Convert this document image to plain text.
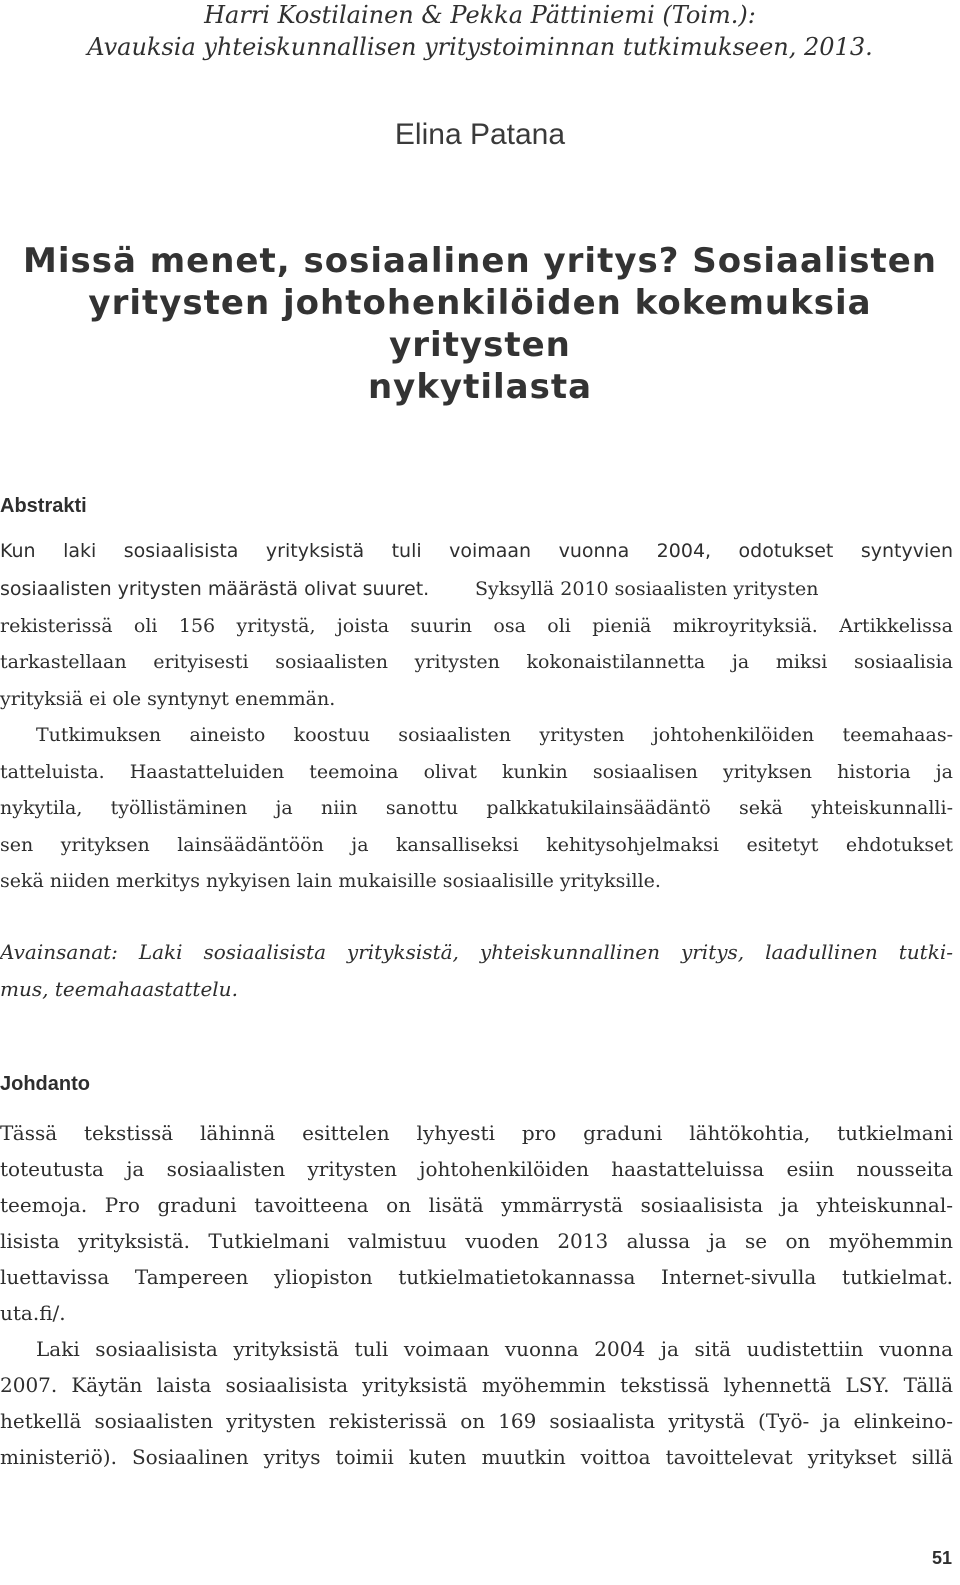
Harri Kostilainen & Pekka Pättiniemi (Toim.):
Avauksia yhteiskunnallisen yritystoiminnan tutkimukseen, 2013.
Elina Patana
Missä menet, sosiaalinen yritys? Sosiaalisten
yritysten johtohenkilöiden kokemuksia yritysten
nykytilasta
Abstrakti
Kun laki sosiaalisista yrityksistä tuli voimaan vuonna 2004, odotukset syntyvien
sosiaalisten yritysten määrästä olivat suuret. Syksyllä 2010 sosiaalisten yritysten
rekisterissä oli 156 yritystä, joista suurin osa oli pieniä mikroyrityksiä. Artikkelissa
tarkastellaan erityisesti sosiaalisten yritysten kokonaistilannetta ja miksi sosiaalisia
yrityksiä ei ole syntynyt enemmän.
Tutkimuksen aineisto koostuu sosiaalisten yritysten johtohenkilöiden teemahaas-
tatteluista. Haastatteluiden teemoina olivat kunkin sosiaalisen yrityksen historia ja
nykytila, työllistäminen ja niin sanottu palkkatukilainsäädäntö sekä yhteiskunnalli-
sen yrityksen lainsäädäntöön ja kansalliseksi kehitysohjelmaksi esitetyt ehdotukset
sekä niiden merkitys nykyisen lain mukaisille sosiaalisille yrityksille.
Avainsanat: Laki sosiaalisista yrityksistä, yhteiskunnallinen yritys, laadullinen tutki-
mus, teemahaastattelu.
Johdanto
Tässä tekstissä lähinnä esittelen lyhyesti pro graduni lähtökohtia, tutkielmani
toteutusta ja sosiaalisten yritysten johtohenkilöiden haastatteluissa esiin nousseita
teemoja. Pro graduni tavoitteena on lisätä ymmärrystä sosiaalisista ja yhteiskunnal-
lisista yrityksistä. Tutkielmani valmistuu vuoden 2013 alussa ja se on myöhemmin
luettavissa Tampereen yliopiston tutkielmatietokannassa Internet-sivulla tutkielmat.
uta.fi/.
Laki sosiaalisista yrityksistä tuli voimaan vuonna 2004 ja sitä uudistettiin vuonna
2007. Käytän laista sosiaalisista yrityksistä myöhemmin tekstissä lyhennettä LSY. Tällä
hetkellä sosiaalisten yritysten rekisterissä on 169 sosiaalista yritystä (Työ- ja elinkeino-
ministeriö). Sosiaalinen yritys toimii kuten muutkin voittoa tavoittelevat yritykset sillä
51
